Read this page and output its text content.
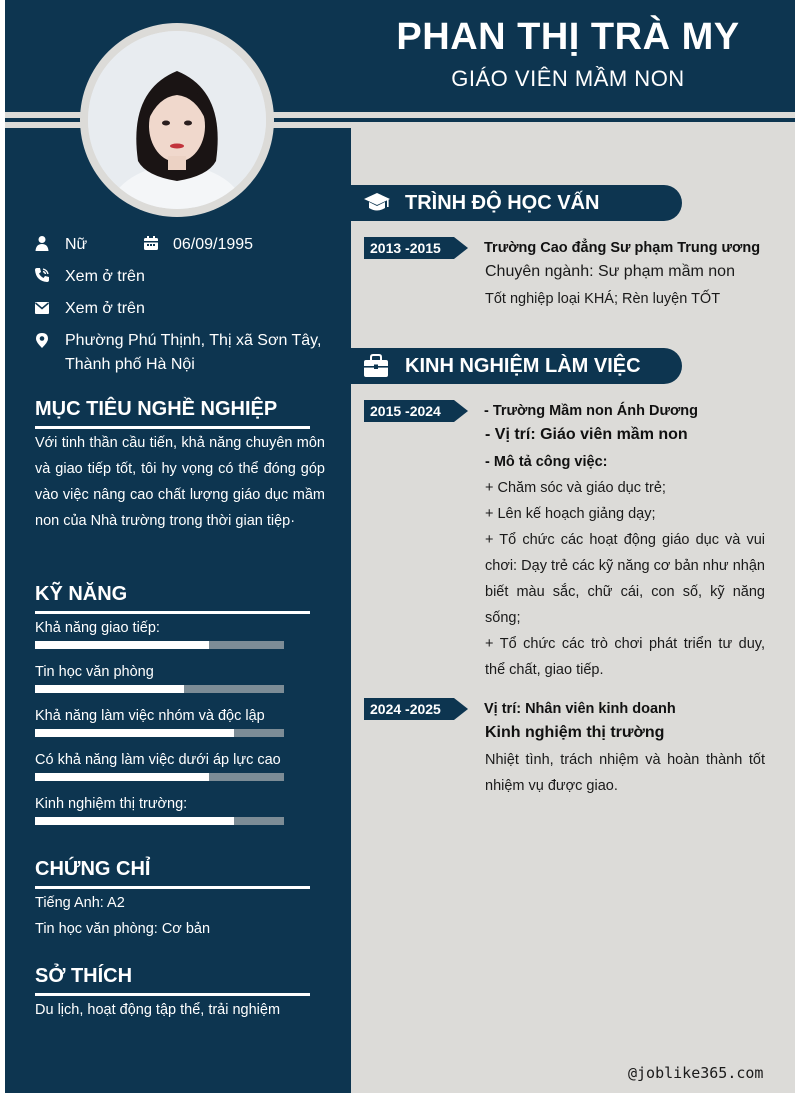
PHAN THỊ TRÀ MY
GIÁO VIÊN MẦM NON
Nữ	06/09/1995
Xem ở trên
Xem ở trên
Phường Phú Thịnh, Thị xã Sơn Tây,
Thành phố Hà Nội
MỤC TIÊU NGHỀ NGHIỆP
Với tinh thần cầu tiến, khả năng chuyên môn và giao tiếp tốt, tôi hy vọng có thể đóng góp vào việc nâng cao chất lượng giáo dục mầm non của Nhà trường trong thời gian tiệp·
KỸ NĂNG
Khả năng giao tiếp:
Tin học văn phòng
Khả năng làm việc nhóm và độc lập
Có khả năng làm việc dưới áp lực cao
Kinh nghiệm thị trường:
CHỨNG CHỈ
Tiếng Anh: A2
Tin học văn phòng: Cơ bản
SỞ THÍCH
Du lịch, hoạt động tập thể, trải nghiệm
TRÌNH ĐỘ HỌC VẤN
2013 -2015	Trường Cao đẳng Sư phạm Trung ương
Chuyên ngành: Sư phạm mầm non
Tốt nghiệp loại KHÁ; Rèn luyện TỐT
KINH NGHIỆM LÀM VIỆC
2015 -2024	- Trường Mầm non Ánh Dương
- Vị trí: Giáo viên mầm non
- Mô tả công việc:
+ Chăm sóc và giáo dục trẻ;
+ Lên kế hoạch giảng dạy;
+ Tổ chức các hoạt động giáo dục và vui chơi: Dạy trẻ các kỹ năng cơ bản như nhận biết màu sắc, chữ cái, con số, kỹ năng sống;
+ Tổ chức các trò chơi phát triển tư duy, thể chất, giao tiếp.
2024 -2025	Vị trí: Nhân viên kinh doanh
Kinh nghiệm thị trường
Nhiệt tình, trách nhiệm và hoàn thành tốt nhiệm vụ được giao.
@joblike365.com
